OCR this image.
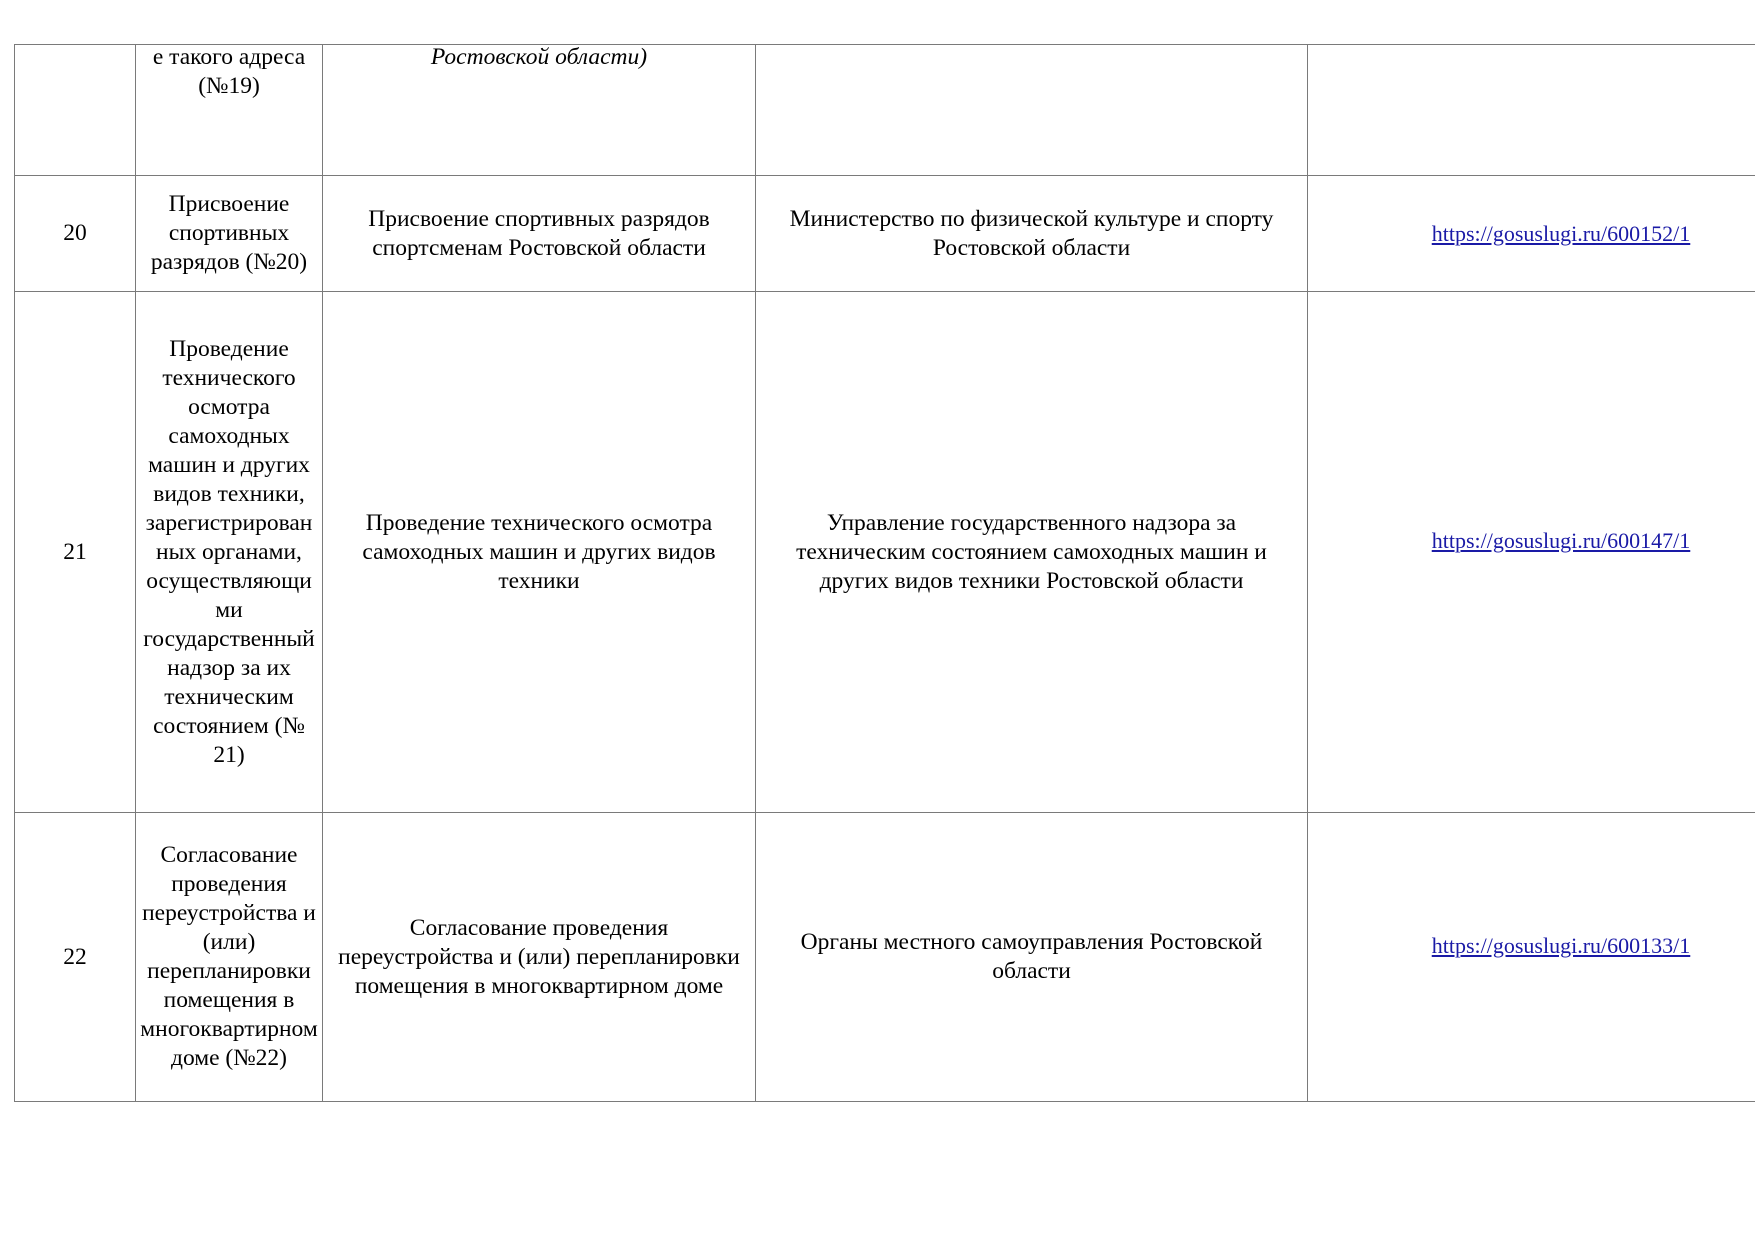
	е такого адреса (№19)	Ростовской области)		

20	Присвоение спортивных разрядов (№20)	Присвоение спортивных разрядов спортсменам Ростовской области	Министерство по физической культуре и спорту Ростовской области	https://gosuslugi.ru/600152/1
21	Проведение технического осмотра самоходных машин и других видов техники, зарегистрированных органами, осуществляющими государственный надзор за их техническим состоянием (№ 21)	Проведение технического осмотра самоходных машин и других видов техники	Управление государственного надзора за техническим состоянием самоходных машин и других видов техники Ростовской области	https://gosuslugi.ru/600147/1
22	Согласование проведения переустройства и (или) перепланировки помещения в многоквартирном доме (№22)	Согласование проведения переустройства и (или) перепланировки помещения в многоквартирном доме	Органы местного самоуправления Ростовской области	https://gosuslugi.ru/600133/1
